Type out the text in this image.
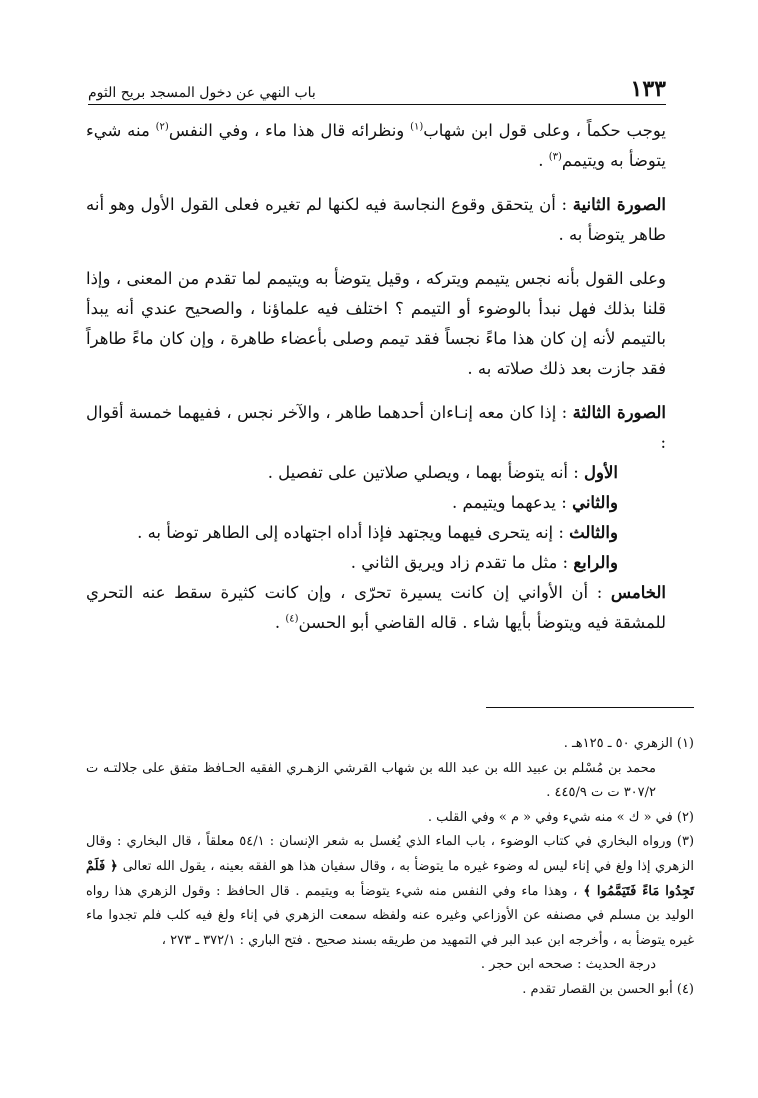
١٣٣
باب النهي عن دخول المسجد بريح الثوم

يوجب حكماً ، وعلى قول ابن شهاب$^{(١)}$ ونظرائه قال هذا ماء ، وفي النفس$^{(٢)}$ منه شيء يتوضأ به ويتيمم$^{(٣)}$ .

الصورة الثانية : أن يتحقق وقوع النجاسة فيه لكنها لم تغيره فعلى القول الأول وهو أنه طاهر يتوضأ به .

وعلى القول بأنه نجس يتيمم ويتركه ، وقيل يتوضأ به ويتيمم لما تقدم من المعنى ، وإذا قلنا بذلك فهل نبدأ بالوضوء أو التيمم ؟ اختلف فيه علماؤنا ، والصحيح عندي أنه يبدأ بالتيمم لأنه إن كان هذا ماءً نجساً فقد تيمم وصلى بأعضاء طاهرة ، وإن كان ماءً طاهراً فقد جازت بعد ذلك صلاته به .

الصورة الثالثة : إذا كان معه إنـاءان أحدهما طاهر ، والآخر نجس ، ففيهما خمسة أقوال :

الأول : أنه يتوضأ بهما ، ويصلي صلاتين على تفصيل .

والثاني : يدعهما ويتيمم .

والثالث : إنه يتحرى فيهما ويجتهد فإذا أداه اجتهاده إلى الطاهر توضأ به .

والرابع : مثل ما تقدم زاد ويريق الثاني .

الخامس : أن الأواني إن كانت يسيرة تحرّى ، وإن كانت كثيرة سقط عنه التحري للمشقة فيه ويتوضأ بأيها شاء . قاله القاضي أبو الحسن$^{(٤)}$ .

(١) الزهري ٥٠ ـ ١٢٥هـ .

محمد بن مُسْلم بن عبيد الله بن عبد الله بن شهاب القرشي الزهـري الفقيه الحـافظ متفق على جلالتـه ت ٣٠٧/٢ ت ت ٤٤٥/٩ .

(٢) في « ك » منه شيء وفي « م » وفي القلب .

(٣) ورواه البخاري في كتاب الوضوء ، باب الماء الذي يُغسل به شعر الإنسان : ٥٤/١ معلقاً ، قال البخاري : وقال الزهري إذا ولغ في إناء ليس له وضوء غيره ما يتوضأ به ، وقال سفيان هذا هو الفقه بعينه ، يقول الله تعالى ﴿ فَلَمْ تَجِدُوا مَاءً فَتَيَمَّمُوا ﴾ ، وهذا ماء وفي النفس منه شيء يتوضأ به ويتيمم . قال الحافظ : وقول الزهري هذا رواه الوليد بن مسلم في مصنفه عن الأوزاعي وغيره عنه ولفظه سمعت الزهري في إناء ولغ فيه كلب فلم تجدوا ماء غيره يتوضأ به ، وأخرجه ابن عبد البر في التمهيد من طريقه بسند صحيح . فتح الباري : ٣٧٢/١ ـ ٢٧٣ ،

درجة الحديث : صححه ابن حجر .

(٤) أبو الحسن بن القصار تقدم .
